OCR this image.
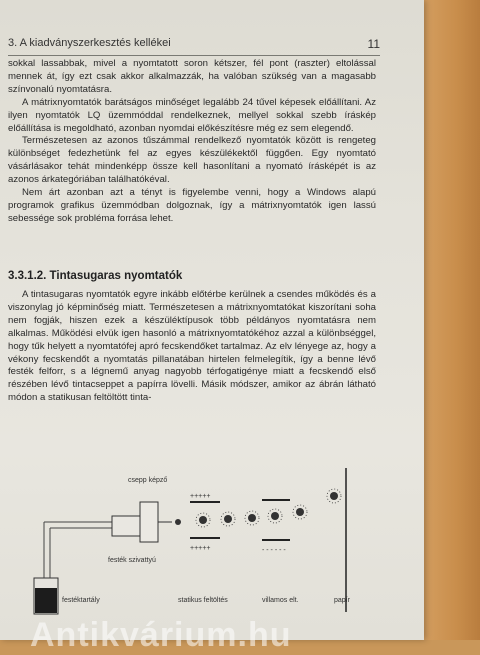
3. A kiadványszerkesztés kellékei	11

sokkal lassabbak, mivel a nyomtatott soron kétszer, fél pont (raszter) eltolással mennek át, így ezt csak akkor alkalmazzák, ha valóban szükség van a magasabb színvonalú nyomtatásra.

A mátrixnyomtatók barátságos minőséget legalább 24 tűvel képesek előállítani. Az ilyen nyomtatók LQ üzemmóddal rendelkeznek, mellyel sokkal szebb íráskép előállítása is megoldható, azonban nyomdai előkészítésre még ez sem elegendő.

Természetesen az azonos tűszámmal rendelkező nyomtatók között is rengeteg különbséget fedezhetünk fel az egyes készülékektől függően. Egy nyomtató vásárlásakor tehát mindenképp össze kell hasonlítani a nyomató írásképét is az azonos árkategóriában találhatókéval.

Nem árt azonban azt a tényt is figyelembe venni, hogy a Windows alapú programok grafikus üzemmódban dolgoznak, így a mátrixnyomtatók igen lassú sebessége sok probléma forrása lehet.

3.3.1.2. Tintasugaras nyomtatók

A tintasugaras nyomtatók egyre inkább előtérbe kerülnek a csendes működés és a viszonylag jó képminőség miatt. Természetesen a mátrixnyomtatókat kiszorítani soha nem fogják, hiszen ezek a készüléktípusok több példányos nyomtatásra nem alkalmas. Működési elvük igen hasonló a mátrixnyomtatókéhoz azzal a különbséggel, hogy tűk helyett a nyomtatófej apró fecskendőket tartalmaz. Az elv lényege az, hogy a vékony fecskendőt a nyomtatás pillanatában hirtelen felmelegítik, így a benne lévő festék felforr, s a légnemű anyag nagyobb térfogatigénye miatt a fecskendő első részében lévő tintacseppet a papírra lövelli. Másik módszer, amikor az ábrán látható módon a statikusan feltöltött tinta-

+++++
+++++	- - - - - -
csepp képző
festék szivattyú
festéktartály	statikus feltöltés	villamos elt.	papír
Antikvárium.hu
